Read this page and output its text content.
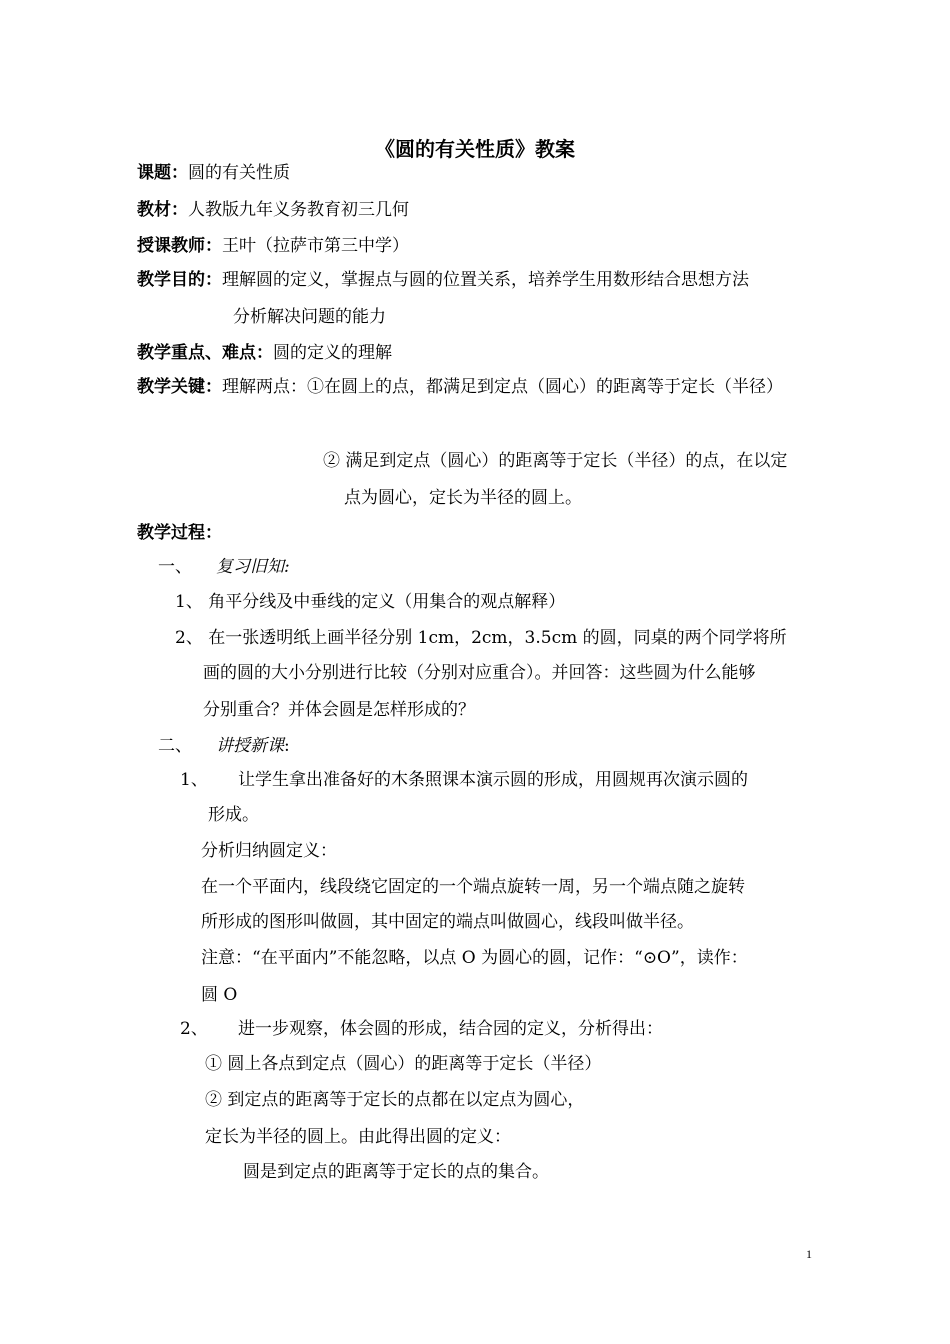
《圆的有关性质》教案
课题：圆的有关性质
教材：人教版九年义务教育初三几何
授课教师：王叶（拉萨市第三中学）
教学目的：理解圆的定义，掌握点与圆的位置关系，培养学生用数形结合思想方法
分析解决问题的能力
教学重点、难点：圆的定义的理解
教学关键：理解两点：①在圆上的点，都满足到定点（圆心）的距离等于定长（半径）
② 满足到定点（圆心）的距离等于定长（半径）的点，在以定
点为圆心，定长为半径的圆上。
教学过程：
一、 复习旧知:
1、 角平分线及中垂线的定义（用集合的观点解释）
2、 在一张透明纸上画半径分别 1cm，2cm，3.5cm 的圆，同桌的两个同学将所
画的圆的大小分别进行比较（分别对应重合）。并回答：这些圆为什么能够
分别重合？并体会圆是怎样形成的？
二、 讲授新课:
1、 让学生拿出准备好的木条照课本演示圆的形成，用圆规再次演示圆的
形成。
分析归纳圆定义：
在一个平面内，线段绕它固定的一个端点旋转一周，另一个端点随之旋转
所形成的图形叫做圆，其中固定的端点叫做圆心，线段叫做半径。
注意：“在平面内”不能忽略，以点 O 为圆心的圆，记作：“⊙O”，读作：
圆 O
2、 进一步观察，体会圆的形成，结合园的定义，分析得出：
① 圆上各点到定点（圆心）的距离等于定长（半径）
② 到定点的距离等于定长的点都在以定点为圆心，
定长为半径的圆上。由此得出圆的定义：
圆是到定点的距离等于定长的点的集合。
1
